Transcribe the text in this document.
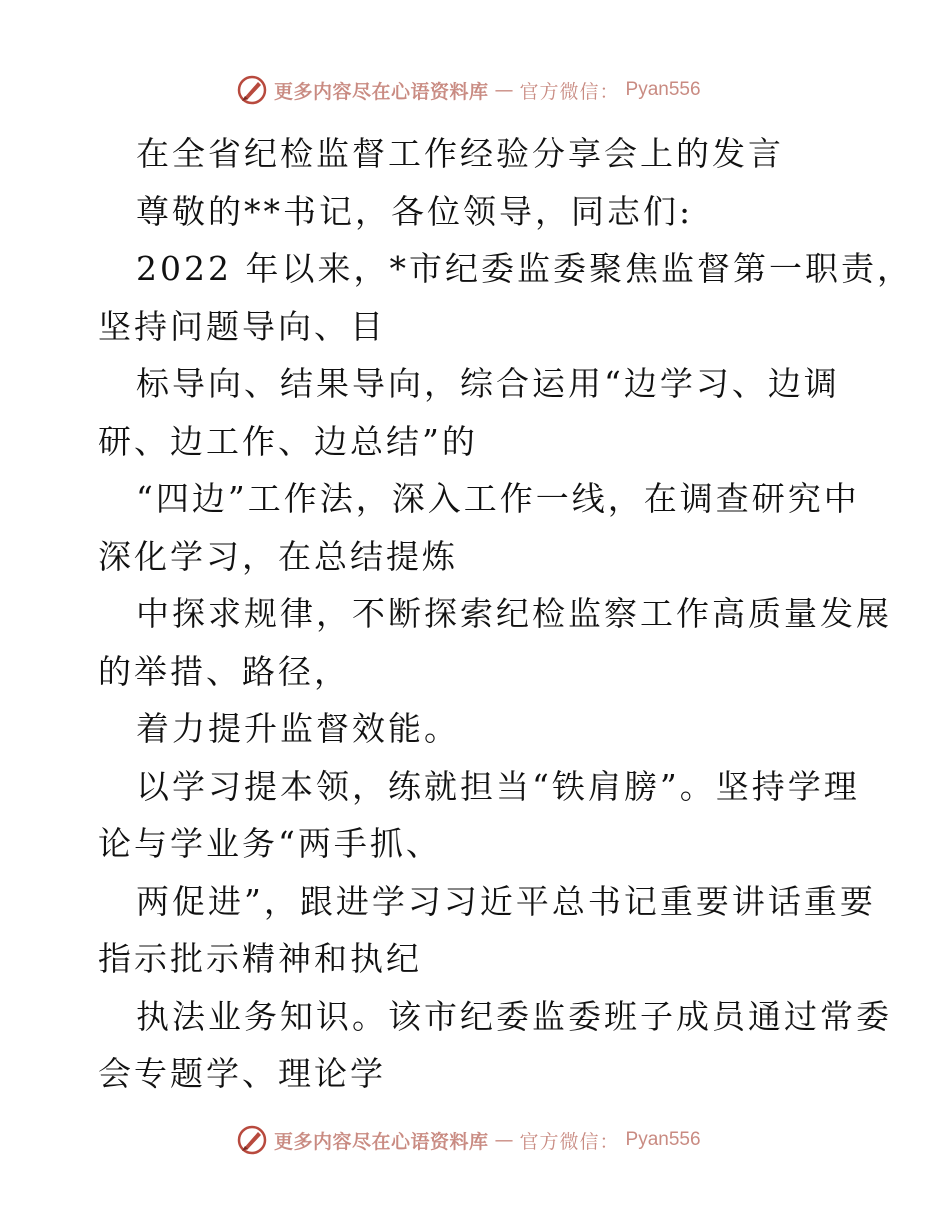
更多内容尽在心语资料库 — 官方微信： Pyan556

在全省纪检监督工作经验分享会上的发言

尊敬的**书记，各位领导，同志们:

2022 年以来，*市纪委监委聚焦监督第一职责，

坚持问题导向、目

标导向、结果导向，综合运用“边学习、边调

研、边工作、边总结”的

“四边”工作法，深入工作一线，在调查研究中

深化学习，在总结提炼

中探求规律，不断探索纪检监察工作高质量发展

的举措、路径，

着力提升监督效能。

以学习提本领，练就担当“铁肩膀”。坚持学理

论与学业务“两手抓、

两促进”，跟进学习习近平总书记重要讲话重要

指示批示精神和执纪

执法业务知识。该市纪委监委班子成员通过常委

会专题学、理论学

更多内容尽在心语资料库 — 官方微信： Pyan556
